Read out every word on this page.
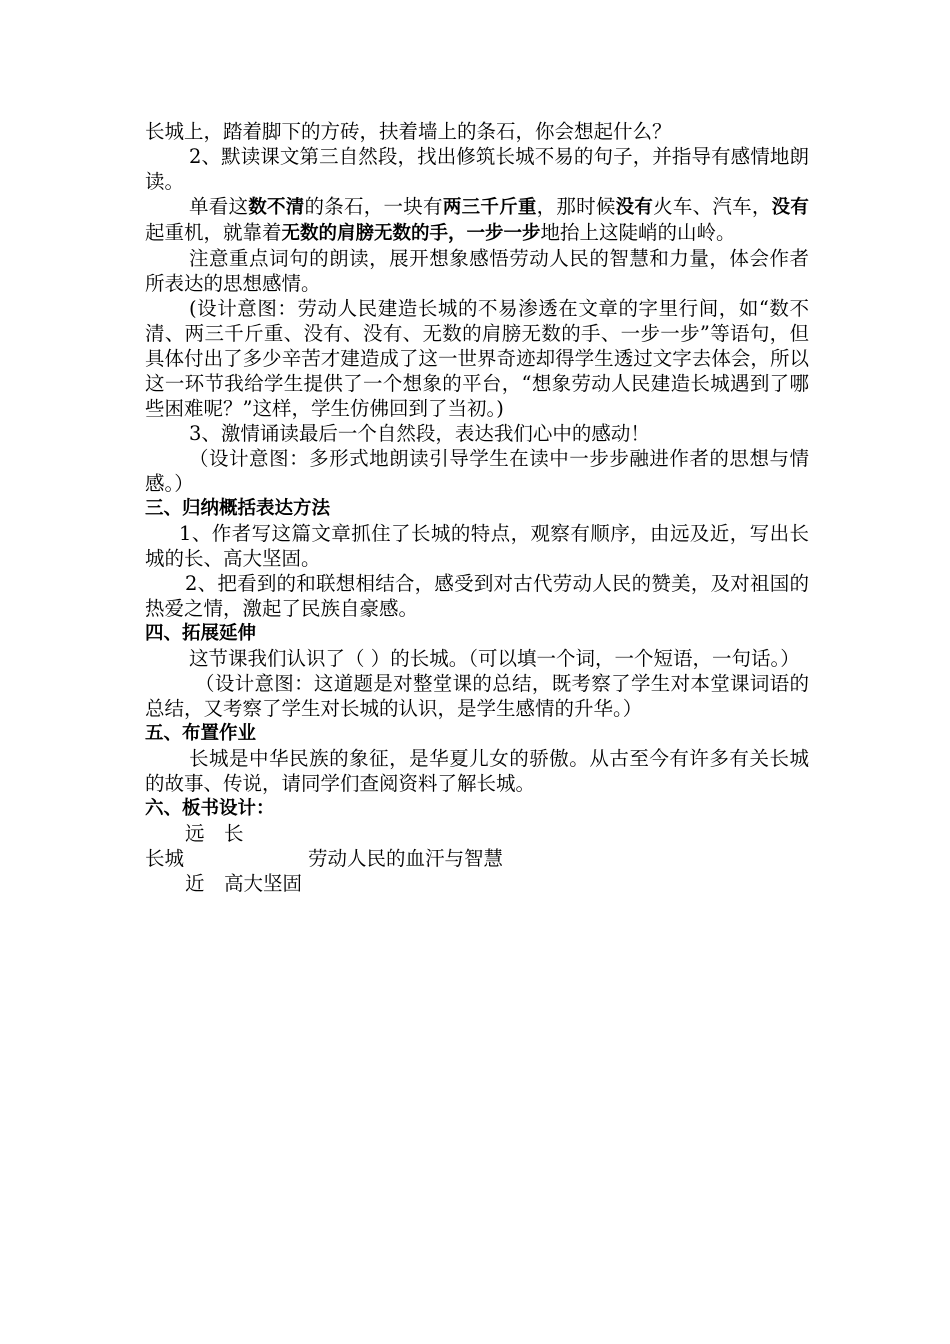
长城上，踏着脚下的方砖，扶着墙上的条石，你会想起什么？

2、默读课文第三自然段，找出修筑长城不易的句子，并指导有感情地朗读。

单看这数不清的条石，一块有两三千斤重，那时候没有火车、汽车，没有起重机，就靠着无数的肩膀无数的手，一步一步地抬上这陡峭的山岭。

注意重点词句的朗读，展开想象感悟劳动人民的智慧和力量，体会作者所表达的思想感情。

(设计意图：劳动人民建造长城的不易渗透在文章的字里行间，如“数不清、两三千斤重、没有、没有、无数的肩膀无数的手、一步一步”等语句，但具体付出了多少辛苦才建造成了这一世界奇迹却得学生透过文字去体会，所以这一环节我给学生提供了一个想象的平台，“想象劳动人民建造长城遇到了哪些困难呢？”这样，学生仿佛回到了当初。)

3、激情诵读最后一个自然段，表达我们心中的感动！

（设计意图：多形式地朗读引导学生在读中一步步融进作者的思想与情感。）

三、归纳概括表达方法

1、作者写这篇文章抓住了长城的特点，观察有顺序，由远及近，写出长城的长、高大坚固。

2、把看到的和联想相结合，感受到对古代劳动人民的赞美，及对祖国的热爱之情，激起了民族自豪感。

四、拓展延伸

这节课我们认识了（ ）的长城。（可以填一个词，一个短语，一句话。）

（设计意图：这道题是对整堂课的总结，既考察了学生对本堂课词语的总结，又考察了学生对长城的认识，是学生感情的升华。）

五、布置作业

长城是中华民族的象征，是华夏儿女的骄傲。从古至今有许多有关长城的故事、传说，请同学们查阅资料了解长城。

六、板书设计：

远 长
长城	劳动人民的血汗与智慧
近 高大坚固
